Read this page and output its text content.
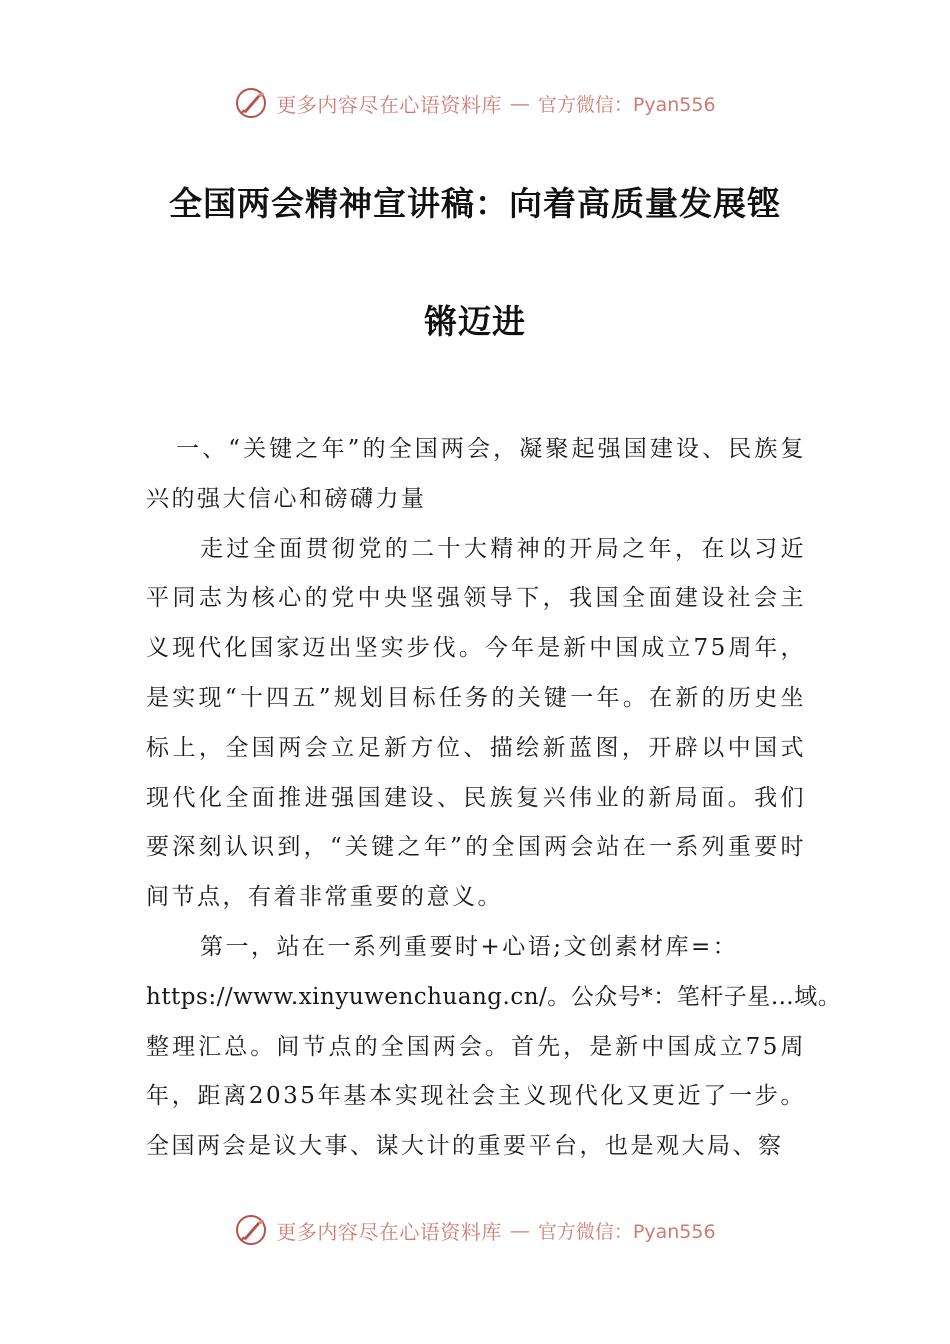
更多内容尽在心语资料库 — 官方微信：Pyan556
全国两会精神宣讲稿：向着高质量发展铿
锵迈进

一、“关键之年”的全国两会，凝聚起强国建设、民族复兴的强大信心和磅礴力量

走过全面贯彻党的二十大精神的开局之年，在以习近平同志为核心的党中央坚强领导下，我国全面建设社会主义现代化国家迈出坚实步伐。今年是新中国成立75周年，是实现“十四五”规划目标任务的关键一年。在新的历史坐标上，全国两会立足新方位、描绘新蓝图，开辟以中国式现代化全面推进强国建设、民族复兴伟业的新局面。我们要深刻认识到，“关键之年”的全国两会站在一系列重要时间节点，有着非常重要的意义。

第一，站在一系列重要时+心语;文创素材库=：

https://www.xinyuwenchuang.cn/。公众号*：笔杆子星…域。

整理汇总。间节点的全国两会。首先，是新中国成立75周年，距离2035年基本实现社会主义现代化又更近了一步。全国两会是议大事、谋大计的重要平台，也是观大局、察

更多内容尽在心语资料库 — 官方微信：Pyan556
